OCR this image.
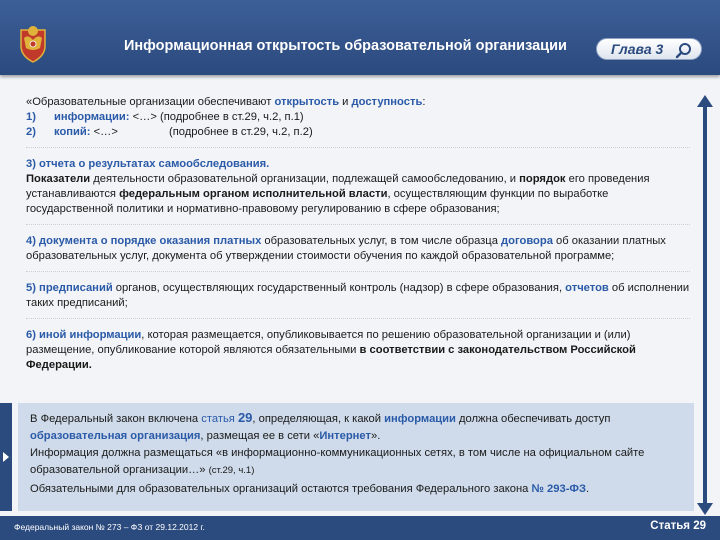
Информационная открытость образовательной организации	Глава 3

«Образовательные организации обеспечивают открытость и доступность:

1) информации: <…> (подробнее в ст.29, ч.2, п.1)

2) копий: <…>	(подробнее в ст.29, ч.2, п.2)

3) отчета о результатах самообследования.

Показатели деятельности образовательной организации, подлежащей самообследованию, и порядок его проведения устанавливаются федеральным органом исполнительной власти, осуществляющим функции по выработке государственной политики и нормативно-правовому регулированию в сфере образования;

4) документа о порядке оказания платных образовательных услуг, в том числе образца договора об оказании платных образовательных услуг, документа об утверждении стоимости обучения по каждой образовательной программе;

5) предписаний органов, осуществляющих государственный контроль (надзор) в сфере образования, отчетов об исполнении таких предписаний;

6) иной информации, которая размещается, опубликовывается по решению образовательной организации и (или) размещение, опубликование которой являются обязательными в соответствии с законодательством Российской Федерации.

В Федеральный закон включена статья 29, определяющая, к какой информации должна обеспечивать доступ образовательная организация, размещая ее в сети «Интернет».
Информация должна размещаться «в информационно-коммуникационных сетях, в том числе на официальном сайте образовательной организации…» (ст.29, ч.1)
Обязательными для образовательных организаций остаются требования Федерального закона № 293-ФЗ.
Федеральный закон № 273 – ФЗ от 29.12.2012 г.	Статья 29
